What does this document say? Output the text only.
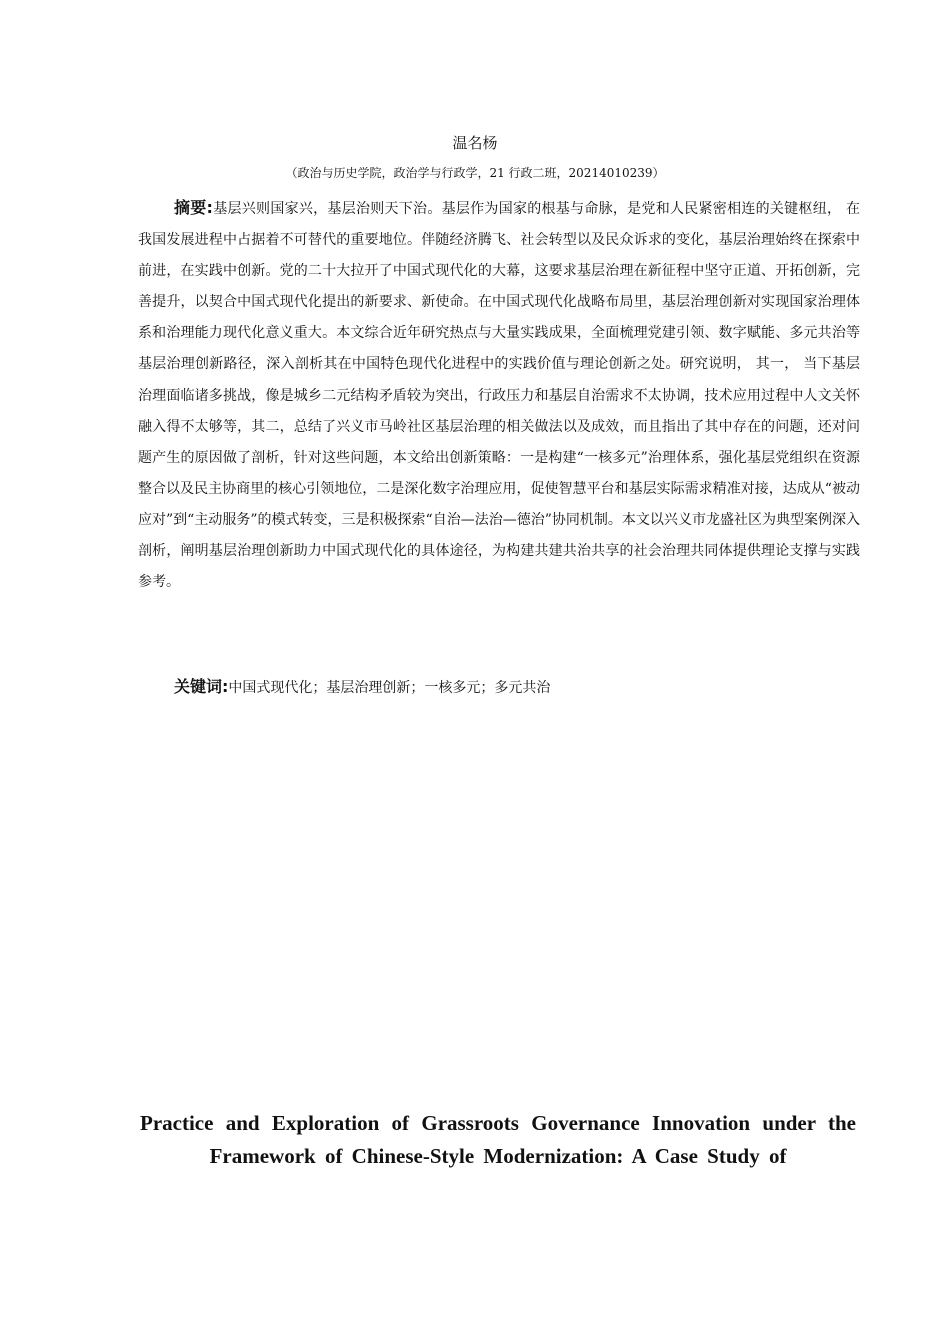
温名杨
（政治与历史学院，政治学与行政学，21 行政二班，20214010239）

摘要:基层兴则国家兴，基层治则天下治。基层作为国家的根基与命脉，是党和人民紧密相连的关键枢纽， 在我国发展进程中占据着不可替代的重要地位。伴随经济腾飞、社会转型以及民众诉求的变化，基层治理始终在探索中前进，在实践中创新。党的二十大拉开了中国式现代化的大幕，这要求基层治理在新征程中坚守正道、开拓创新，完善提升，以契合中国式现代化提出的新要求、新使命。在中国式现代化战略布局里，基层治理创新对实现国家治理体系和治理能力现代化意义重大。本文综合近年研究热点与大量实践成果，全面梳理党建引领、数字赋能、多元共治等基层治理创新路径，深入剖析其在中国特色现代化进程中的实践价值与理论创新之处。研究说明， 其一， 当下基层治理面临诸多挑战，像是城乡二元结构矛盾较为突出，行政压力和基层自治需求不太协调，技术应用过程中人文关怀融入得不太够等，其二，总结了兴义市马岭社区基层治理的相关做法以及成效，而且指出了其中存在的问题，还对问题产生的原因做了剖析，针对这些问题，本文给出创新策略：一是构建“一核多元”治理体系，强化基层党组织在资源整合以及民主协商里的核心引领地位，二是深化数字治理应用，促使智慧平台和基层实际需求精准对接，达成从“被动应对”到“主动服务”的模式转变，三是积极探索“自治—法治—德治”协同机制。本文以兴义市龙盛社区为典型案例深入剖析，阐明基层治理创新助力中国式现代化的具体途径，为构建共建共治共享的社会治理共同体提供理论支撑与实践参考。

关键词:中国式现代化；基层治理创新；一核多元；多元共治

Practice and Exploration of Grassroots Governance Innovation under the Framework of Chinese-Style Modernization: A Case Study of
